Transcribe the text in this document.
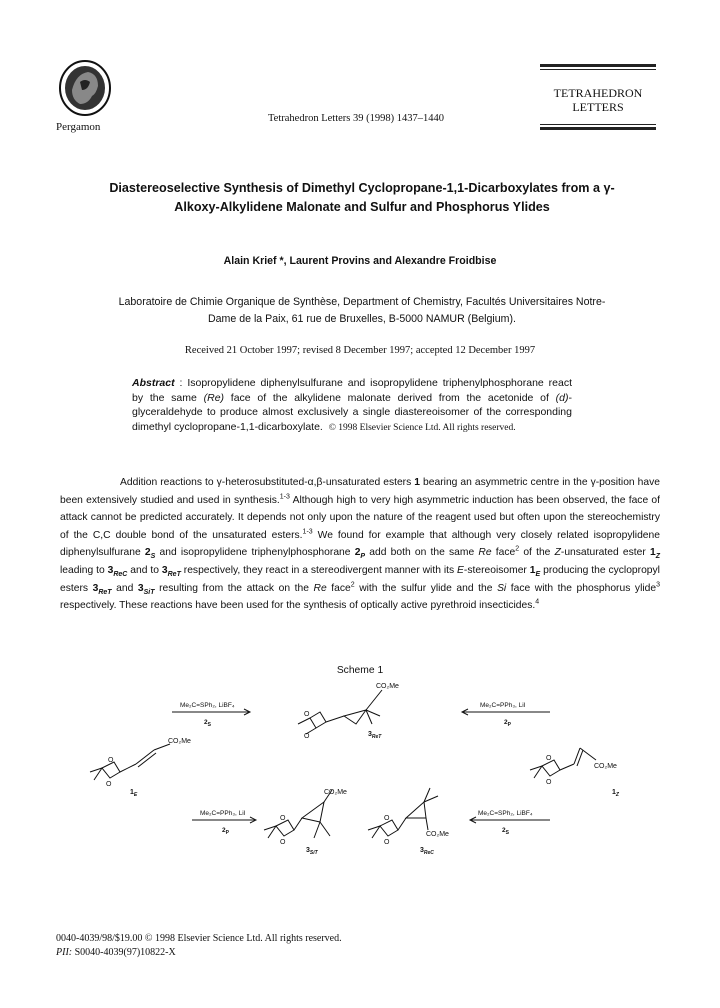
Pergamon
Tetrahedron Letters 39 (1998) 1437–1440
TETRAHEDRON
LETTERS
Diastereoselective Synthesis of Dimethyl Cyclopropane-1,1-Dicarboxylates from a γ-
Alkoxy-Alkylidene Malonate and Sulfur and Phosphorus Ylides
Alain Krief *, Laurent Provins and Alexandre Froidbise
Laboratoire de Chimie Organique de Synthèse, Department of Chemistry, Facultés Universitaires Notre-
Dame de la Paix, 61 rue de Bruxelles, B-5000 NAMUR (Belgium).
Received 21 October 1997; revised 8 December 1997; accepted 12 December 1997
Abstract : Isopropylidene diphenylsulfurane and isopropylidene triphenylphosphorane react by the same (Re) face of the alkylidene malonate derived from the acetonide of (d)-glyceraldehyde to produce almost exclusively a single diastereoisomer of the corresponding dimethyl cyclopropane-1,1-dicarboxylate. © 1998 Elsevier Science Ltd. All rights reserved.

Addition reactions to γ-heterosubstituted-α,β-unsaturated esters 1 bearing an asymmetric centre in the γ-position have been extensively studied and used in synthesis.$^{1-3}$ Although high to very high asymmetric induction has been observed, the face of attack cannot be predicted accurately. It depends not only upon the nature of the reagent used but often upon the stereochemistry of the C,C double bond of the unsaturated esters.$^{1-3}$ We found for example that although very closely related isopropylidene diphenylsulfurane $2_S$ and isopropylidene triphenylphosphorane $2_P$ add both on the same Re face$^2$ of the Z-unsaturated ester $1_Z$ leading to $3_{ReC}$ and to $3_{ReT}$ respectively, they react in a stereodivergent manner with its E-stereoisomer $1_E$ producing the cyclopropyl esters $3_{ReT}$ and $3_{SiT}$ resulting from the attack on the Re face$^2$ with the sulfur ylide and the Si face with the phosphorus ylide$^3$ respectively. These reactions have been used for the synthesis of optically active pyrethroid insecticides.$^4$

Scheme 1
Me₂C=SPh₂, LiBF₄
$2_S$
Me₂C=PPh₃, LiI
$2_P$
Me₂C=PPh₃, LiI
$2_P$
Me₂C=SPh₂, LiBF₄
$2_S$
CO₂Me
O
O	$3_{ReT}$
CO₂Me
O
O
$1_E$
CO₂Me
O
O
$1_Z$
CO₂Me
O
O
$3_{SiT}$
CO₂Me
O
O
$3_{ReC}$
0040-4039/98/$19.00 © 1998 Elsevier Science Ltd. All rights reserved.
PII: S0040-4039(97)10822-X
